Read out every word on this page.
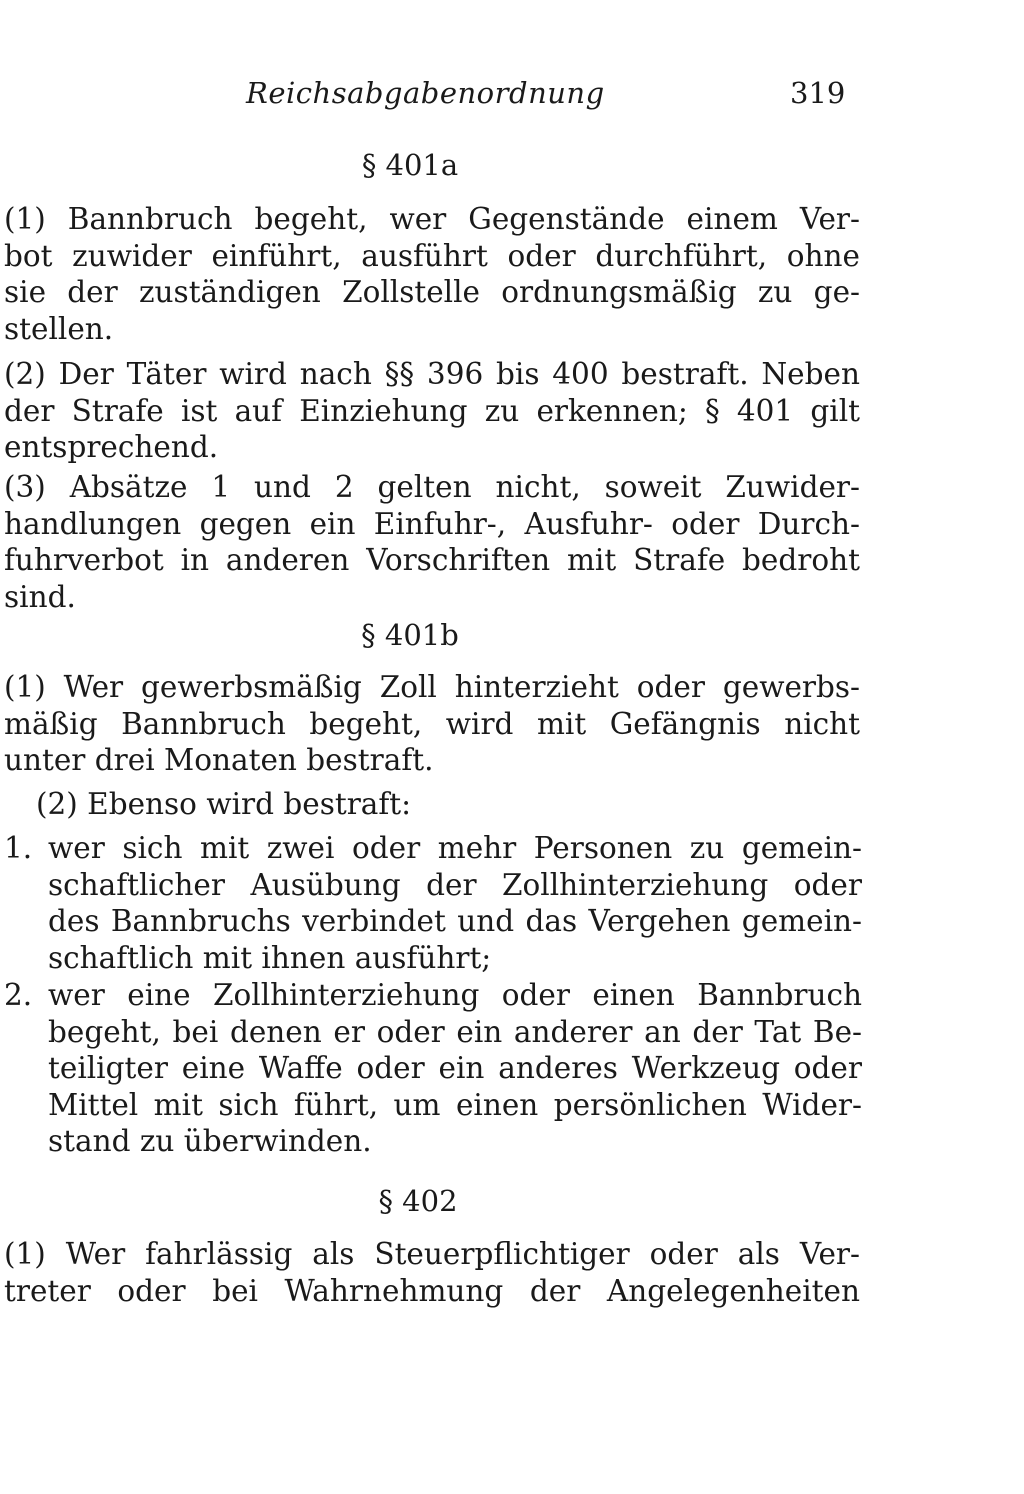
Reichsabgabenordnung	319
§ 401a
(1) Bannbruch begeht, wer Gegenstände einem Ver-
bot zuwider einführt, ausführt oder durchführt, ohne
sie der zuständigen Zollstelle ordnungsmäßig zu ge-
stellen.
(2) Der Täter wird nach §§ 396 bis 400 bestraft. Neben
der Strafe ist auf Einziehung zu erkennen; § 401 gilt
entsprechend.
(3) Absätze 1 und 2 gelten nicht, soweit Zuwider-
handlungen gegen ein Einfuhr-, Ausfuhr- oder Durch-
fuhrverbot in anderen Vorschriften mit Strafe bedroht
sind.
§ 401b
(1) Wer gewerbsmäßig Zoll hinterzieht oder gewerbs-
mäßig Bannbruch begeht, wird mit Gefängnis nicht
unter drei Monaten bestraft.
(2) Ebenso wird bestraft:
1. wer sich mit zwei oder mehr Personen zu gemein-
schaftlicher Ausübung der Zollhinterziehung oder
des Bannbruchs verbindet und das Vergehen gemein-
schaftlich mit ihnen ausführt;
2. wer eine Zollhinterziehung oder einen Bannbruch
begeht, bei denen er oder ein anderer an der Tat Be-
teiligter eine Waffe oder ein anderes Werkzeug oder
Mittel mit sich führt, um einen persönlichen Wider-
stand zu überwinden.
§ 402
(1) Wer fahrlässig als Steuerpflichtiger oder als Ver-
treter oder bei Wahrnehmung der Angelegenheiten
